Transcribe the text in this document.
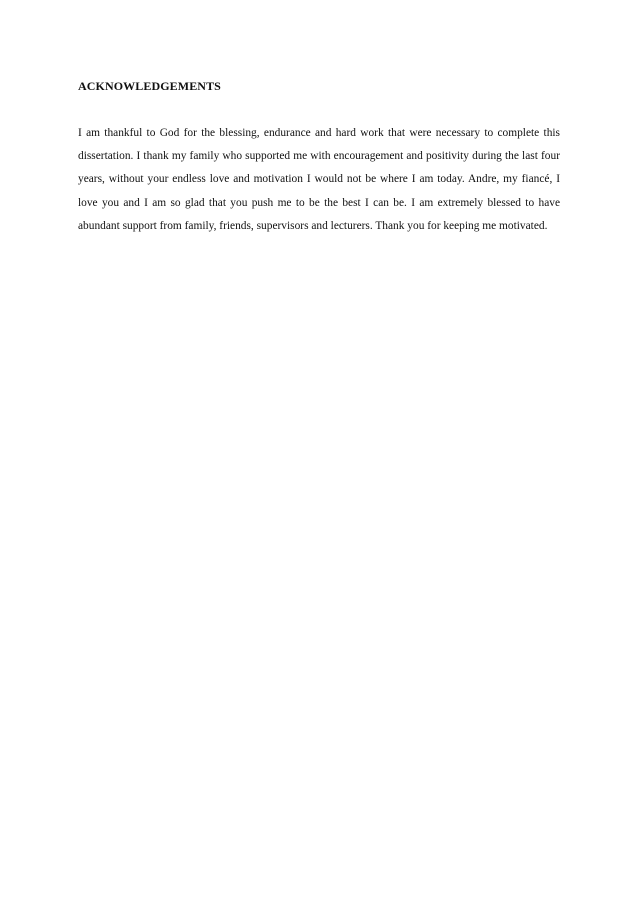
ACKNOWLEDGEMENTS

I am thankful to God for the blessing, endurance and hard work that were necessary to complete this dissertation. I thank my family who supported me with encouragement and positivity during the last four years, without your endless love and motivation I would not be where I am today. Andre, my fiancé, I love you and I am so glad that you push me to be the best I can be. I am extremely blessed to have abundant support from family, friends, supervisors and lecturers. Thank you for keeping me motivated.
